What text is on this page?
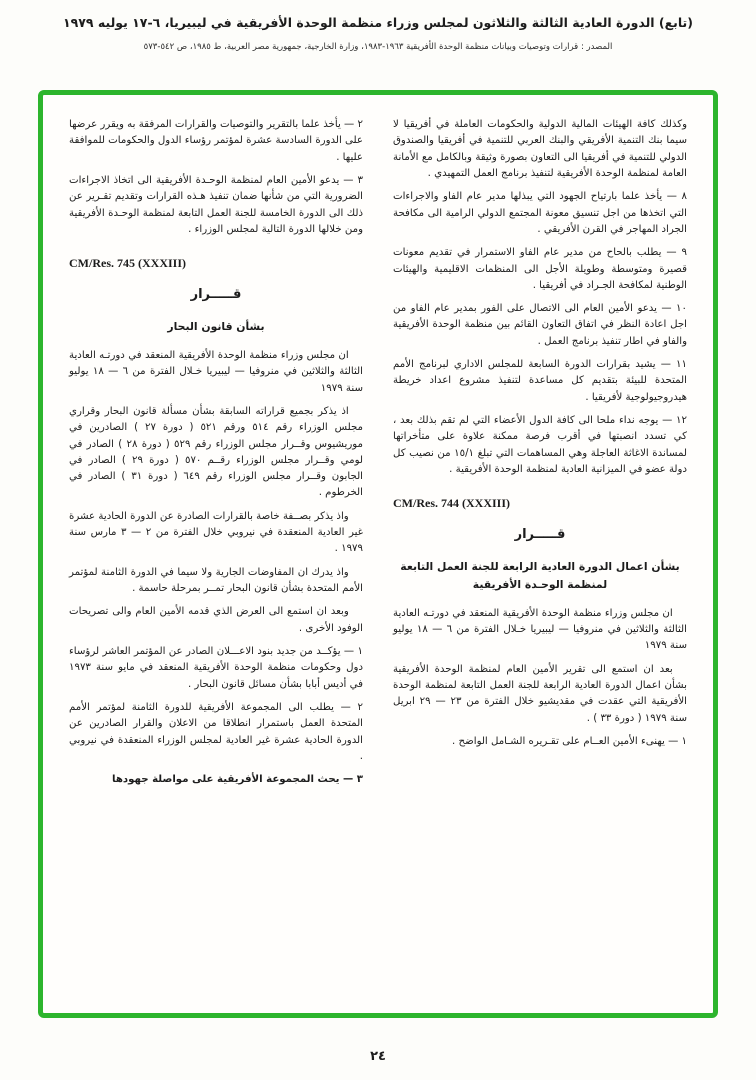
(تابع) الدورة العادية الثالثة والثلاثون لمجلس وزراء منظمة الوحدة الأفريقية في ليبيريا، ٦-١٧ يوليه ١٩٧٩
المصدر : قرارات وتوصيات وبيانات منظمة الوحدة الأفريقية ١٩٦٣-١٩٨٣، وزارة الخارجية، جمهورية مصر العربية، ط ١٩٨٥، ص ٥٤٢-٥٧٣
وكذلك كافة الهيئات المالية الدولية والحكومات العاملة في أفريقيا لا سيما بنك التنمية الأفريقي والبنك العربي للتنمية في أفريقيا والصندوق الدولي للتنمية في أفريقيا الى التعاون بصورة وثيقة وبالكامل مع الأمانة العامة لمنظمة الوحدة الأفريقية لتنفيذ برنامج العمل التمهيدي .
٨ — يأخذ علما بارتياح الجهود التي يبذلها مدير عام الفاو والاجراءات التي اتخذها من اجل تنسيق معونة المجتمع الدولي الرامية الى مكافحة الجراد المهاجر في القرن الأفريقي .
٩ — يطلب بالحاح من مدير عام الفاو الاستمرار في تقديم معونات قصيرة ومتوسطة وطويلة الأجل الى المنظمات الاقليمية والهيئات الوطنية لمكافحة الجـراد في أفريقيا .
١٠ — يدعو الأمين العام الى الاتصال على الفور بمدير عام الفاو من اجل اعادة النظر في اتفاق التعاون القائم بين منظمة الوحدة الأفريقية والفاو في اطار تنفيذ برنامج العمل .
١١ — يشيد بقرارات الدورة السابعة للمجلس الاداري لبرنامج الأمم المتحدة للبيئة بتقديم كل مساعدة لتنفيذ مشروع اعداد خريطة هيدروجيولوجية لأفريقيا .
١٢ — يوجه نداء ملحا الى كافة الدول الأعضاء التي لم تقم بذلك بعد ، كي تسدد انصبتها في أقرب فرصة ممكنة علاوة على متأخراتها لمساندة الاغاثة العاجلة وهي المساهمات التي تبلغ ١٥/١ من نصيب كل دولة عضو في الميزانية العادية لمنظمة الوحدة الأفريقية .
CM/Res. 744 (XXXIII)
قـــــرار
بشأن اعمال الدورة العادية الرابعة للجنة العمل التابعة لمنظمة الوحـدة الأفريقية
ان مجلس وزراء منظمة الوحدة الأفريقية المنعقد في دورتـه العادية الثالثة والثلاثين في منروفيا — ليبيريا خـلال الفترة من ٦ — ١٨ يوليو سنة ١٩٧٩
بعد ان استمع الى تقرير الأمين العام لمنظمة الوحدة الأفريقية بشأن اعمال الدورة العادية الرابعة للجنة العمل التابعة لمنظمة الوحدة الأفريقية التي عقدت في مقديشيو خلال الفترة من ٢٣ — ٢٩ ابريل سنة ١٩٧٩ ( دورة ٣٣ ) .
١ — يهنىء الأمين العــام على تقـريره الشـامل الواضح .
٢ — يأخذ علما بالتقرير والتوصيات والقرارات المرفقة به ويقرر عرضها على الدورة السادسة عشرة لمؤتمر رؤساء الدول والحكومات للموافقة عليها .
٣ — يدعو الأمين العام لمنظمة الوحـدة الأفريقية الى اتخاذ الاجراءات الضرورية التي من شأنها ضمان تنفيذ هـذه القرارات وتقديم تقـرير عن ذلك الى الدورة الخامسة للجنة العمل التابعة لمنظمة الوحـدة الأفريقية ومن خلالها الدورة التالية لمجلس الوزراء .
CM/Res. 745 (XXXIII)
قـــــرار
بشأن قانون البحار
ان مجلس وزراء منظمة الوحدة الأفريقية المنعقد في دورتـه العادية الثالثة والثلاثين في منروفيا — ليبيريا خـلال الفترة من ٦ — ١٨ يوليو سنة ١٩٧٩
اذ يذكر بجميع قراراته السابقة بشأن مسألة قانون البحار وقراري مجلس الوزراء رقم ٥١٤ ورقم ٥٢١ ( دورة ٢٧ ) الصادرين في موريشيوس وقــرار مجلس الوزراء رقم ٥٢٩ ( دورة ٢٨ ) الصادر في لومي وقــرار مجلس الوزراء رقــم ٥٧٠ ( دورة ٢٩ ) الصادر في الجابون وقــرار مجلس الوزراء رقم ٦٤٩ ( دورة ٣١ ) الصادر في الخرطوم .
واذ يذكر بصــفة خاصة بالقرارات الصادرة عن الدورة الحادية عشرة غير العادية المنعقدة في نيروبي خلال الفترة من ٢ — ٣ مارس سنة ١٩٧٩ .
واذ يدرك ان المفاوضات الجارية ولا سيما في الدورة الثامنة لمؤتمر الأمم المتحدة بشأن قانون البحار تمــر بمرحلة حاسمة .
وبعد ان استمع الى العرض الذي قدمه الأمين العام والى تصريحات الوفود الأخرى .
١ — يؤكــد من جديد بنود الاعـــلان الصادر عن المؤتمر العاشر لرؤساء دول وحكومات منظمة الوحدة الأفريقية المنعقد في مايو سنة ١٩٧٣ في أديس أبابا بشأن مسائل قانون البحار .
٢ — يطلب الى المجموعة الأفريقية للدورة الثامنة لمؤتمر الأمم المتحدة العمل باستمرار انطلاقا من الاعلان والقرار الصادرين عن الدورة الحادية عشرة غير العادية لمجلس الوزراء المنعقدة في نيروبي .
٣ — يحث المجموعة الأفريقية على مواصلة جهودها
٢٤
